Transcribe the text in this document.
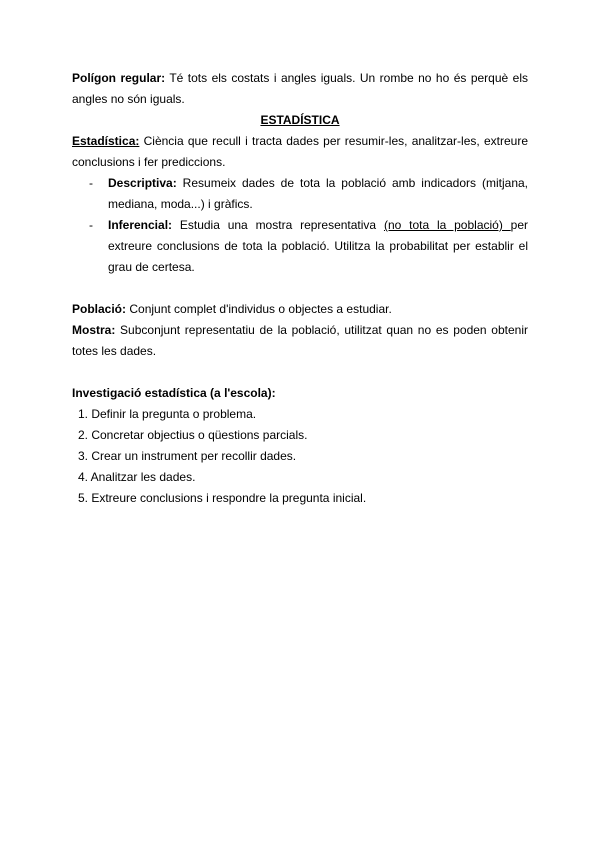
Polígon regular: Té tots els costats i angles iguals. Un rombe no ho és perquè els angles no són iguals.

ESTADÍSTICA

Estadística: Ciència que recull i tracta dades per resumir-les, analitzar-les, extreure conclusions i fer prediccions.

- Descriptiva: Resumeix dades de tota la població amb indicadors (mitjana, mediana, moda...) i gràfics.
- Inferencial: Estudia una mostra representativa (no tota la població) per extreure conclusions de tota la població. Utilitza la probabilitat per establir el grau de certesa.

Població: Conjunt complet d'individus o objectes a estudiar.

Mostra: Subconjunt representatiu de la població, utilitzat quan no es poden obtenir totes les dades.

Investigació estadística (a l'escola):

1. Definir la pregunta o problema.
2. Concretar objectius o qüestions parcials.
3. Crear un instrument per recollir dades.
4. Analitzar les dades.
5. Extreure conclusions i respondre la pregunta inicial.
